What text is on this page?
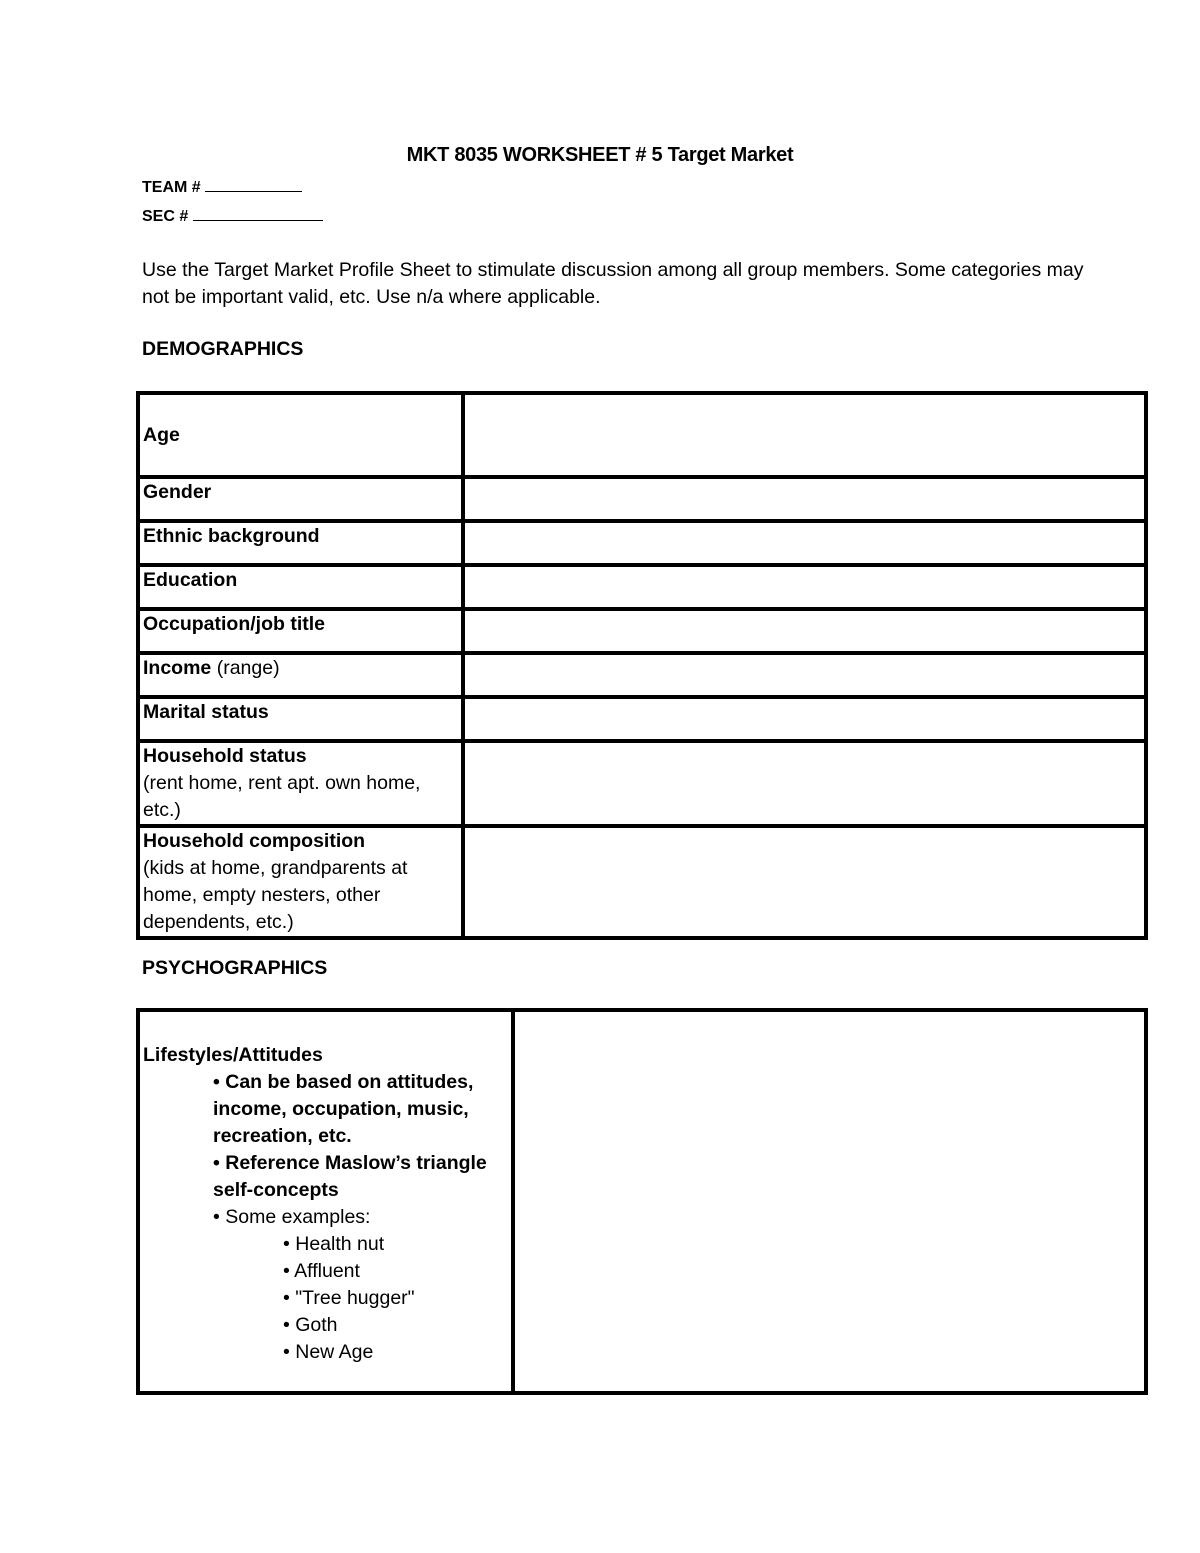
MKT 8035 WORKSHEET # 5 Target Market
TEAM #
SEC #
Use the Target Market Profile Sheet to stimulate discussion among all group members. Some categories may not be important valid, etc. Use n/a where applicable.
DEMOGRAPHICS
Age	
Gender	
Ethnic background	
Education	
Occupation/job title	
Income (range)	
Marital status	

Household status
(rent home, rent apt. own home, etc.)	

Household composition
(kids at home, grandparents at home, empty nesters, other dependents, etc.)	

PSYCHOGRAPHICS
Lifestyles/Attitudes
• Can be based on attitudes, income, occupation, music, recreation, etc.
• Reference Maslow’s triangle self-concepts
• Some examples:
• Health nut
• Affluent
• "Tree hugger"
• Goth
• New Age
